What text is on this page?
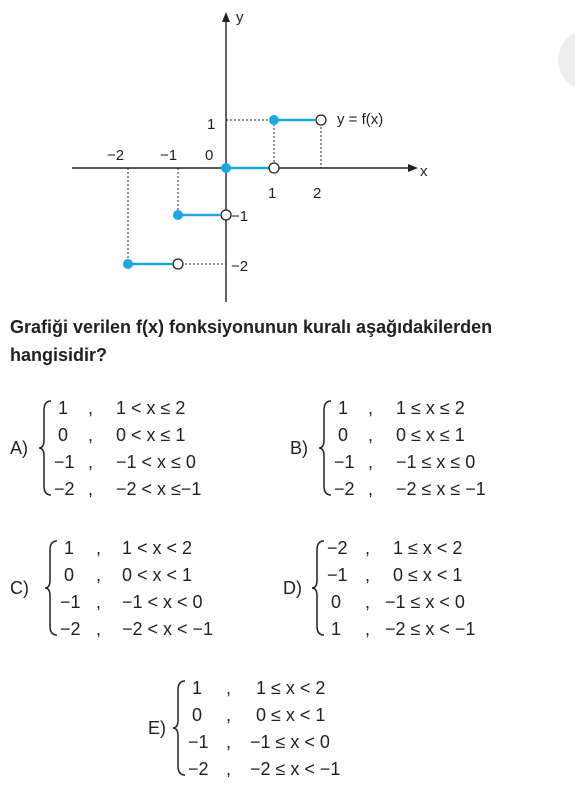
y
x
y = f(x)
−2 −1 0
1 2
1
−1
−2
Grafiği verilen f(x) fonksiyonunun kuralı aşağıdakilerden
hangisidir?
A)
1 , 1 < x ≤ 2
0 , 0 < x ≤ 1
−1 , −1 < x ≤ 0
−2 , −2 < x ≤−1
B)
1 , 1 ≤ x ≤ 2
0 , 0 ≤ x ≤ 1
−1 , −1 ≤ x ≤ 0
−2 , −2 ≤ x ≤ −1
C)
1 , 1 < x < 2
0 , 0 < x < 1
−1 , −1 < x < 0
−2 , −2 < x < −1
D)
−2 , 1 ≤ x < 2
−1 , 0 ≤ x < 1
0 , −1 ≤ x < 0
1 , −2 ≤ x < −1
E)
1 , 1 ≤ x < 2
0 , 0 ≤ x < 1
−1 , −1 ≤ x < 0
−2 , −2 ≤ x < −1
